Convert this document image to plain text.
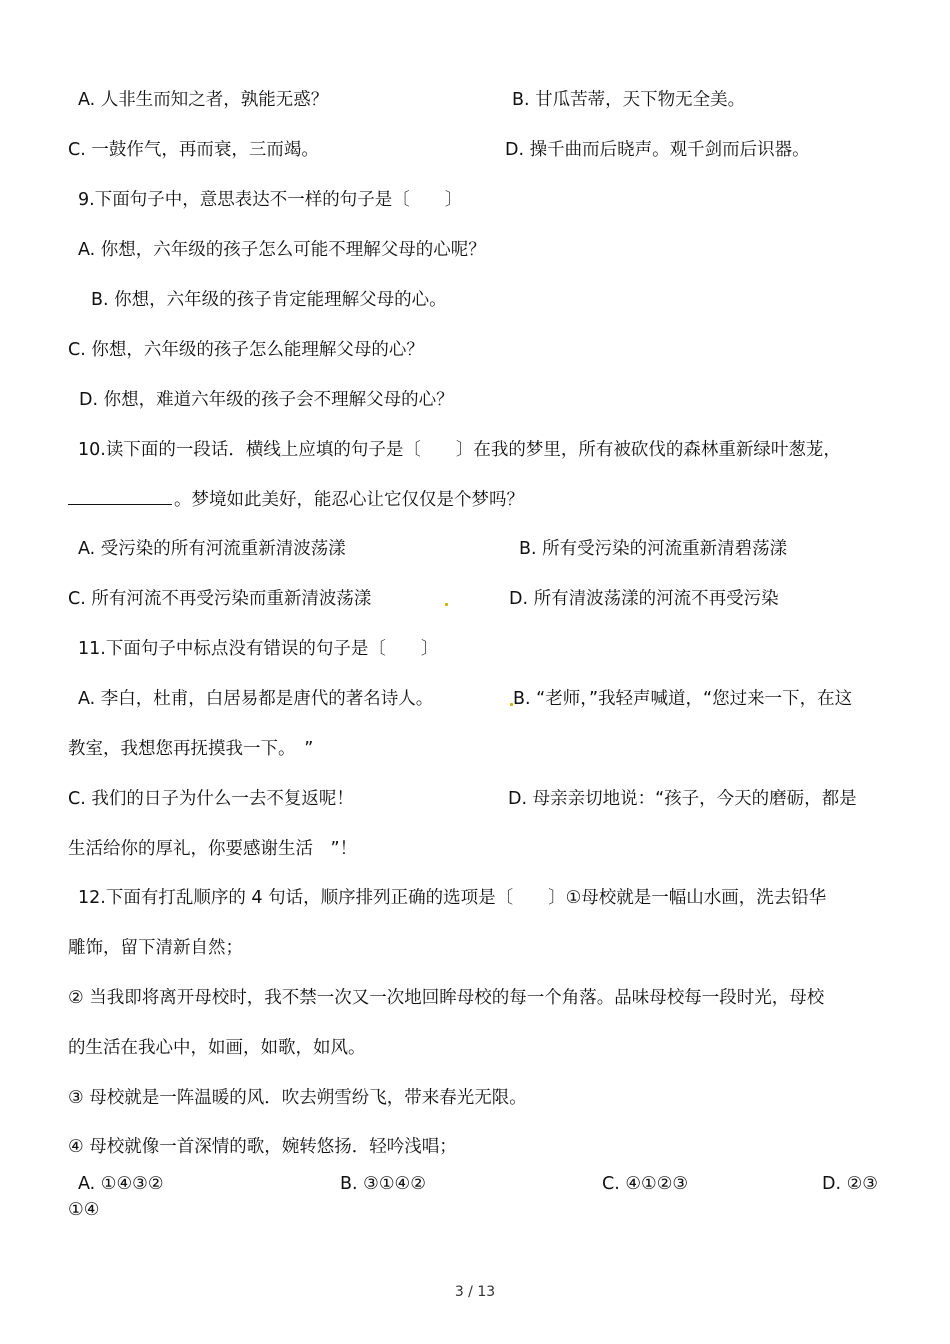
A. 人非生而知之者，孰能无惑？	B. 甘瓜苦蒂，天下物无全美。
C. 一鼓作气，再而衰，三而竭。	D. 操千曲而后晓声。观千剑而后识器。
9.下面句子中，意思表达不一样的句子是〔　　〕
A. 你想，六年级的孩子怎么可能不理解父母的心呢？
B. 你想，六年级的孩子肯定能理解父母的心。
C. 你想，六年级的孩子怎么能理解父母的心？
D. 你想，难道六年级的孩子会不理解父母的心？
10.读下面的一段话．横线上应填的句子是〔　　〕在我的梦里，所有被砍伐的森林重新绿叶葱茏，
。梦境如此美好，能忍心让它仅仅是个梦吗？
A. 受污染的所有河流重新清波荡漾	B. 所有受污染的河流重新清碧荡漾
C. 所有河流不再受污染而重新清波荡漾	D. 所有清波荡漾的河流不再受污染
11.下面句子中标点没有错误的句子是〔　　〕
A. 李白，杜甫，白居易都是唐代的著名诗人。	B. “老师，”我轻声喊道，“您过来一下，在这
教室，我想您再抚摸我一下。　”
C. 我们的日子为什么一去不复返呢！	D. 母亲亲切地说：“孩子，今天的磨砺，都是
生活给你的厚礼，你要感谢生活　”！
12.下面有打乱顺序的 4 句话，顺序排列正确的选项是〔　　〕①母校就是一幅山水画，洗去铅华
雕饰，留下清新自然；
② 当我即将离开母校时，我不禁一次又一次地回眸母校的每一个角落。品味母校每一段时光，母校
的生活在我心中，如画，如歌，如风。
③ 母校就是一阵温暖的风．吹去朔雪纷飞，带来春光无限。
④ 母校就像一首深情的歌，婉转悠扬．轻吟浅唱；
A. ①④③②	B. ③①④②	C. ④①②③	D. ②③
①④
3 / 13
